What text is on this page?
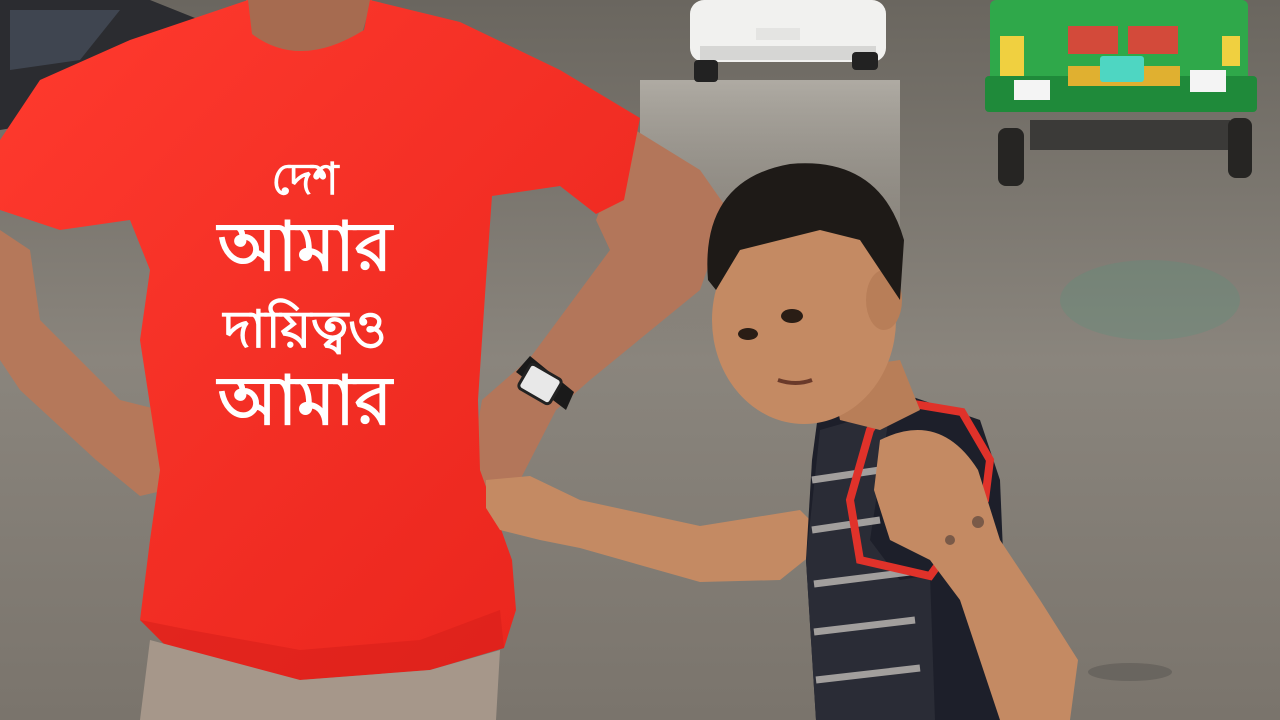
দেশ
আমার
দায়িত্বও
আমার
